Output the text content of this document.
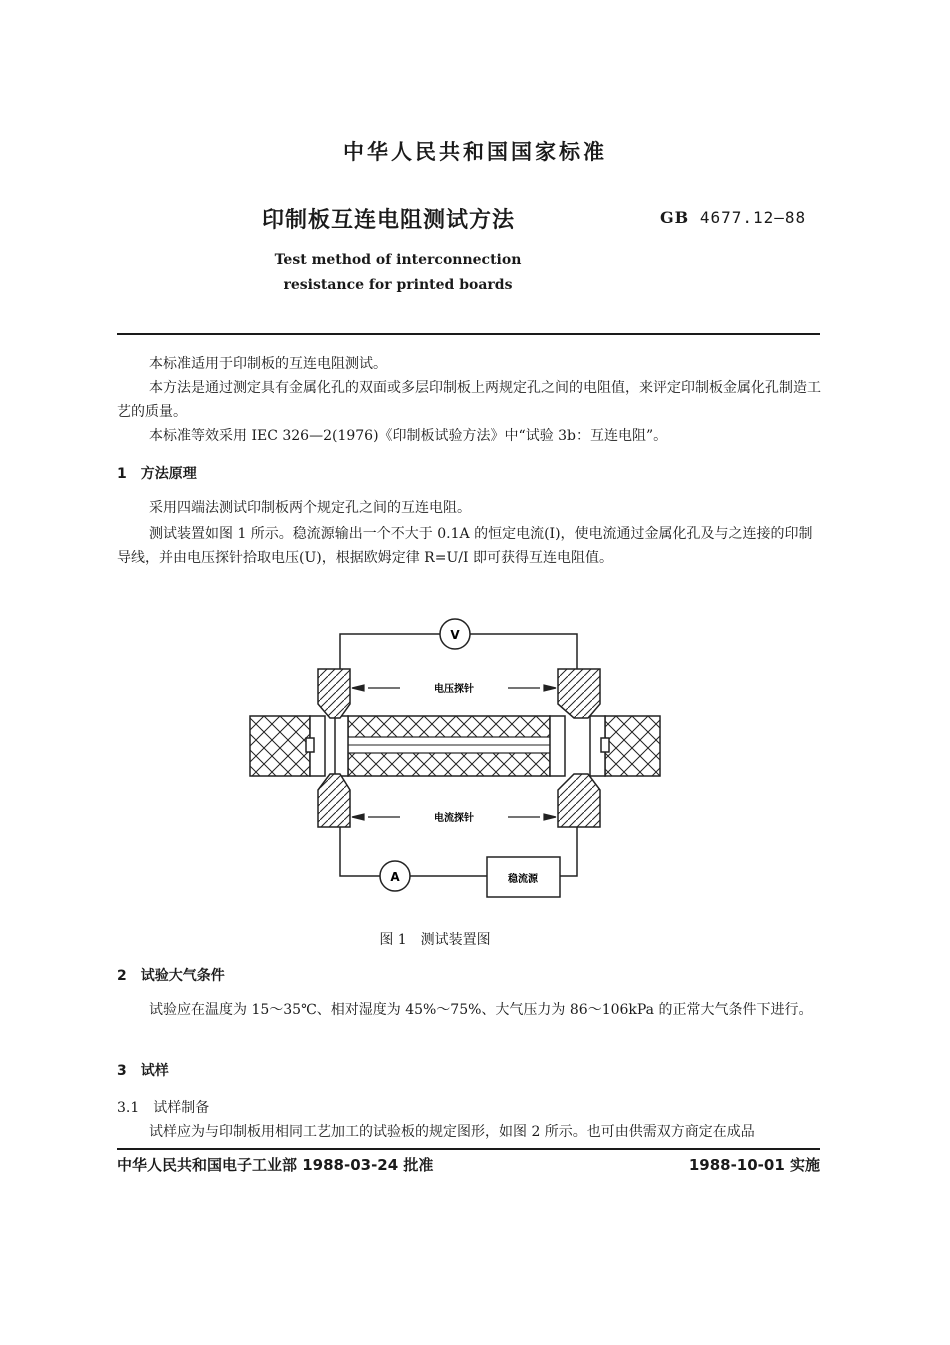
中华人民共和国国家标准
印制板互连电阻测试方法	GB 4677.12—88
Test method of interconnection
resistance for printed boards
本标准适用于印制板的互连电阻测试。
本方法是通过测定具有金属化孔的双面或多层印制板上两规定孔之间的电阻值，来评定印制板金属化孔制造工艺的质量。
本标准等效采用 IEC 326—2(1976)《印制板试验方法》中“试验 3b：互连电阻”。
1　方法原理
采用四端法测试印制板两个规定孔之间的互连电阻。
测试装置如图 1 所示。稳流源输出一个不大于 0.1A 的恒定电流(I)，使电流通过金属化孔及与之连接的印制导线，并由电压探针拾取电压(U)，根据欧姆定律 R=U/I 即可获得互连电阻值。
V
A	稳流源
电压探针
电流探针
图 1　测试装置图
2　试验大气条件
试验应在温度为 15～35℃、相对湿度为 45%～75%、大气压力为 86～106kPa 的正常大气条件下进行。
3　试样
3.1　试样制备
试样应为与印制板用相同工艺加工的试验板的规定图形，如图 2 所示。也可由供需双方商定在成品
中华人民共和国电子工业部 1988-03-24 批准	1988-10-01 实施
